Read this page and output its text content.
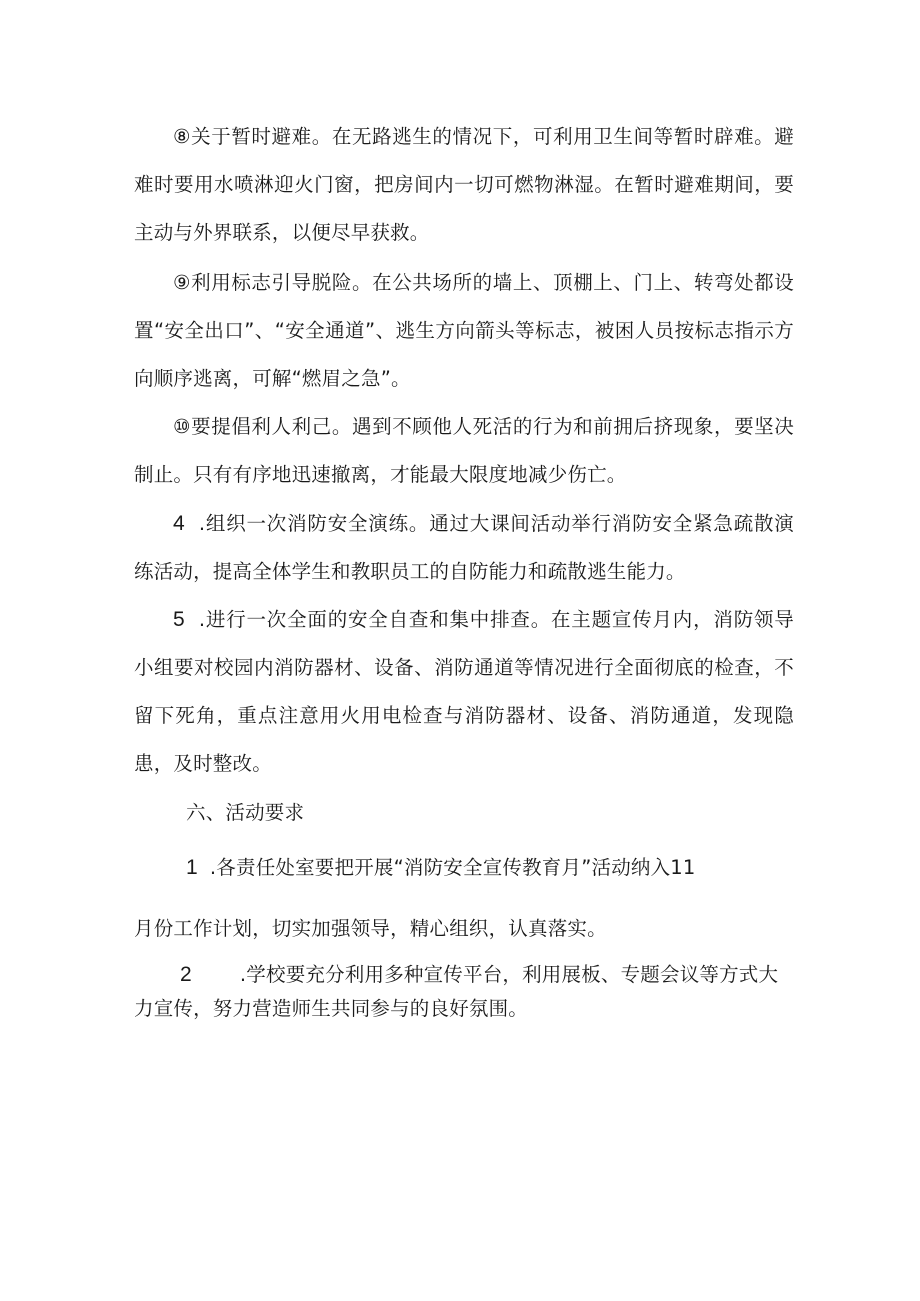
⑧关于暂时避难。在无路逃生的情况下，可利用卫生间等暂时辟难。避难时要用水喷淋迎火门窗，把房间内一切可燃物淋湿。在暂时避难期间，要主动与外界联系，以便尽早获救。

⑨利用标志引导脱险。在公共场所的墙上、顶棚上、门上、转弯处都设置“安全出口”、“安全通道”、逃生方向箭头等标志，被困人员按标志指示方向顺序逃离，可解“燃眉之急”。

⑩要提倡利人利己。遇到不顾他人死活的行为和前拥后挤现象，要坚决制止。只有有序地迅速撤离，才能最大限度地减少伤亡。

4 .组织一次消防安全演练。通过大课间活动举行消防安全紧急疏散演练活动，提高全体学生和教职员工的自防能力和疏散逃生能力。

5 .进行一次全面的安全自查和集中排查。在主题宣传月内，消防领导小组要对校园内消防器材、设备、消防通道等情况进行全面彻底的检查，不留下死角，重点注意用火用电检查与消防器材、设备、消防通道，发现隐患，及时整改。

六、活动要求

1 .各责任处室要把开展“消防安全宣传教育月”活动纳入11

月份工作计划，切实加强领导，精心组织，认真落实。

2 .学校要充分利用多种宣传平台，利用展板、专题会议等方式大

力宣传，努力营造师生共同参与的良好氛围。
